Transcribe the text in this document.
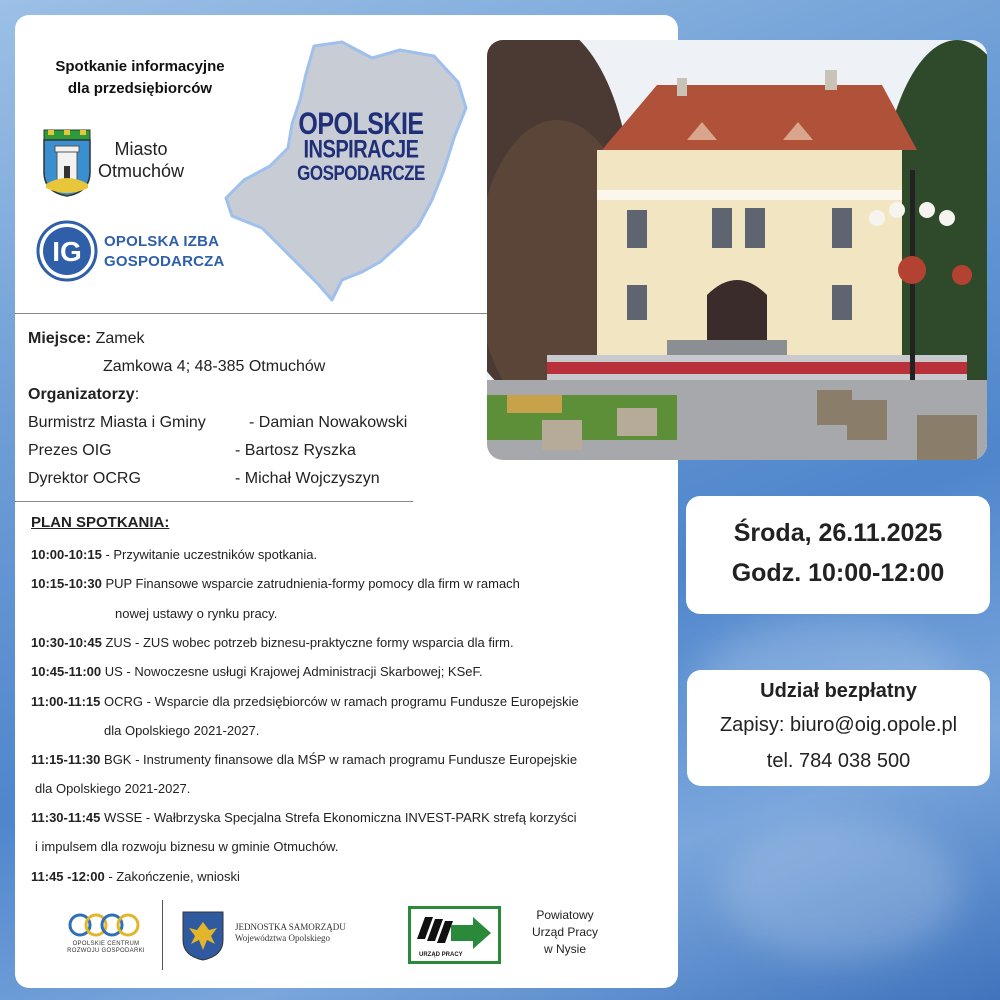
Spotkanie informacyjne
dla przedsiębiorców
Miasto
Otmuchów
IG OPOLSKA IZBA
GOSPODARCZA
OPOLSKIE
INSPIRACJE
GOSPODARCZE
Miejsce: Zamek
Zamkowa 4; 48-385 Otmuchów
Organizatorzy:
Burmistrz Miasta i Gminy	- Damian Nowakowski
Prezes OIG	- Bartosz Ryszka
Dyrektor OCRG	- Michał Wojczyszyn
PLAN SPOTKANIA:
10:00-10:15 - Przywitanie uczestników spotkania.
10:15-10:30 PUP Finansowe wsparcie zatrudnienia-formy pomocy dla firm w ramach
nowej ustawy o rynku pracy.
10:30-10:45 ZUS - ZUS wobec potrzeb biznesu-praktyczne formy wsparcia dla firm.
10:45-11:00 US - Nowoczesne usługi Krajowej Administracji Skarbowej; KSeF.
11:00-11:15 OCRG - Wsparcie dla przedsiębiorców w ramach programu Fundusze Europejskie
dla Opolskiego 2021-2027.
11:15-11:30 BGK - Instrumenty finansowe dla MŚP w ramach programu Fundusze Europejskie
dla Opolskiego 2021-2027.
11:30-11:45 WSSE - Wałbrzyska Specjalna Strefa Ekonomiczna INVEST-PARK strefą korzyści
i impulsem dla rozwoju biznesu w gminie Otmuchów.
11:45 -12:00 - Zakończenie, wnioski
Środa, 26.11.2025
Godz. 10:00-12:00
Udział bezpłatny
Zapisy: biuro@oig.opole.pl
tel. 784 038 500
OPOLSKIE CENTRUM
ROZWOJU GOSPODARKI
JEDNOSTKA SAMORZĄDU
Województwa Opolskiego
URZĄD PRACY
Powiatowy
Urząd Pracy
w Nysie
